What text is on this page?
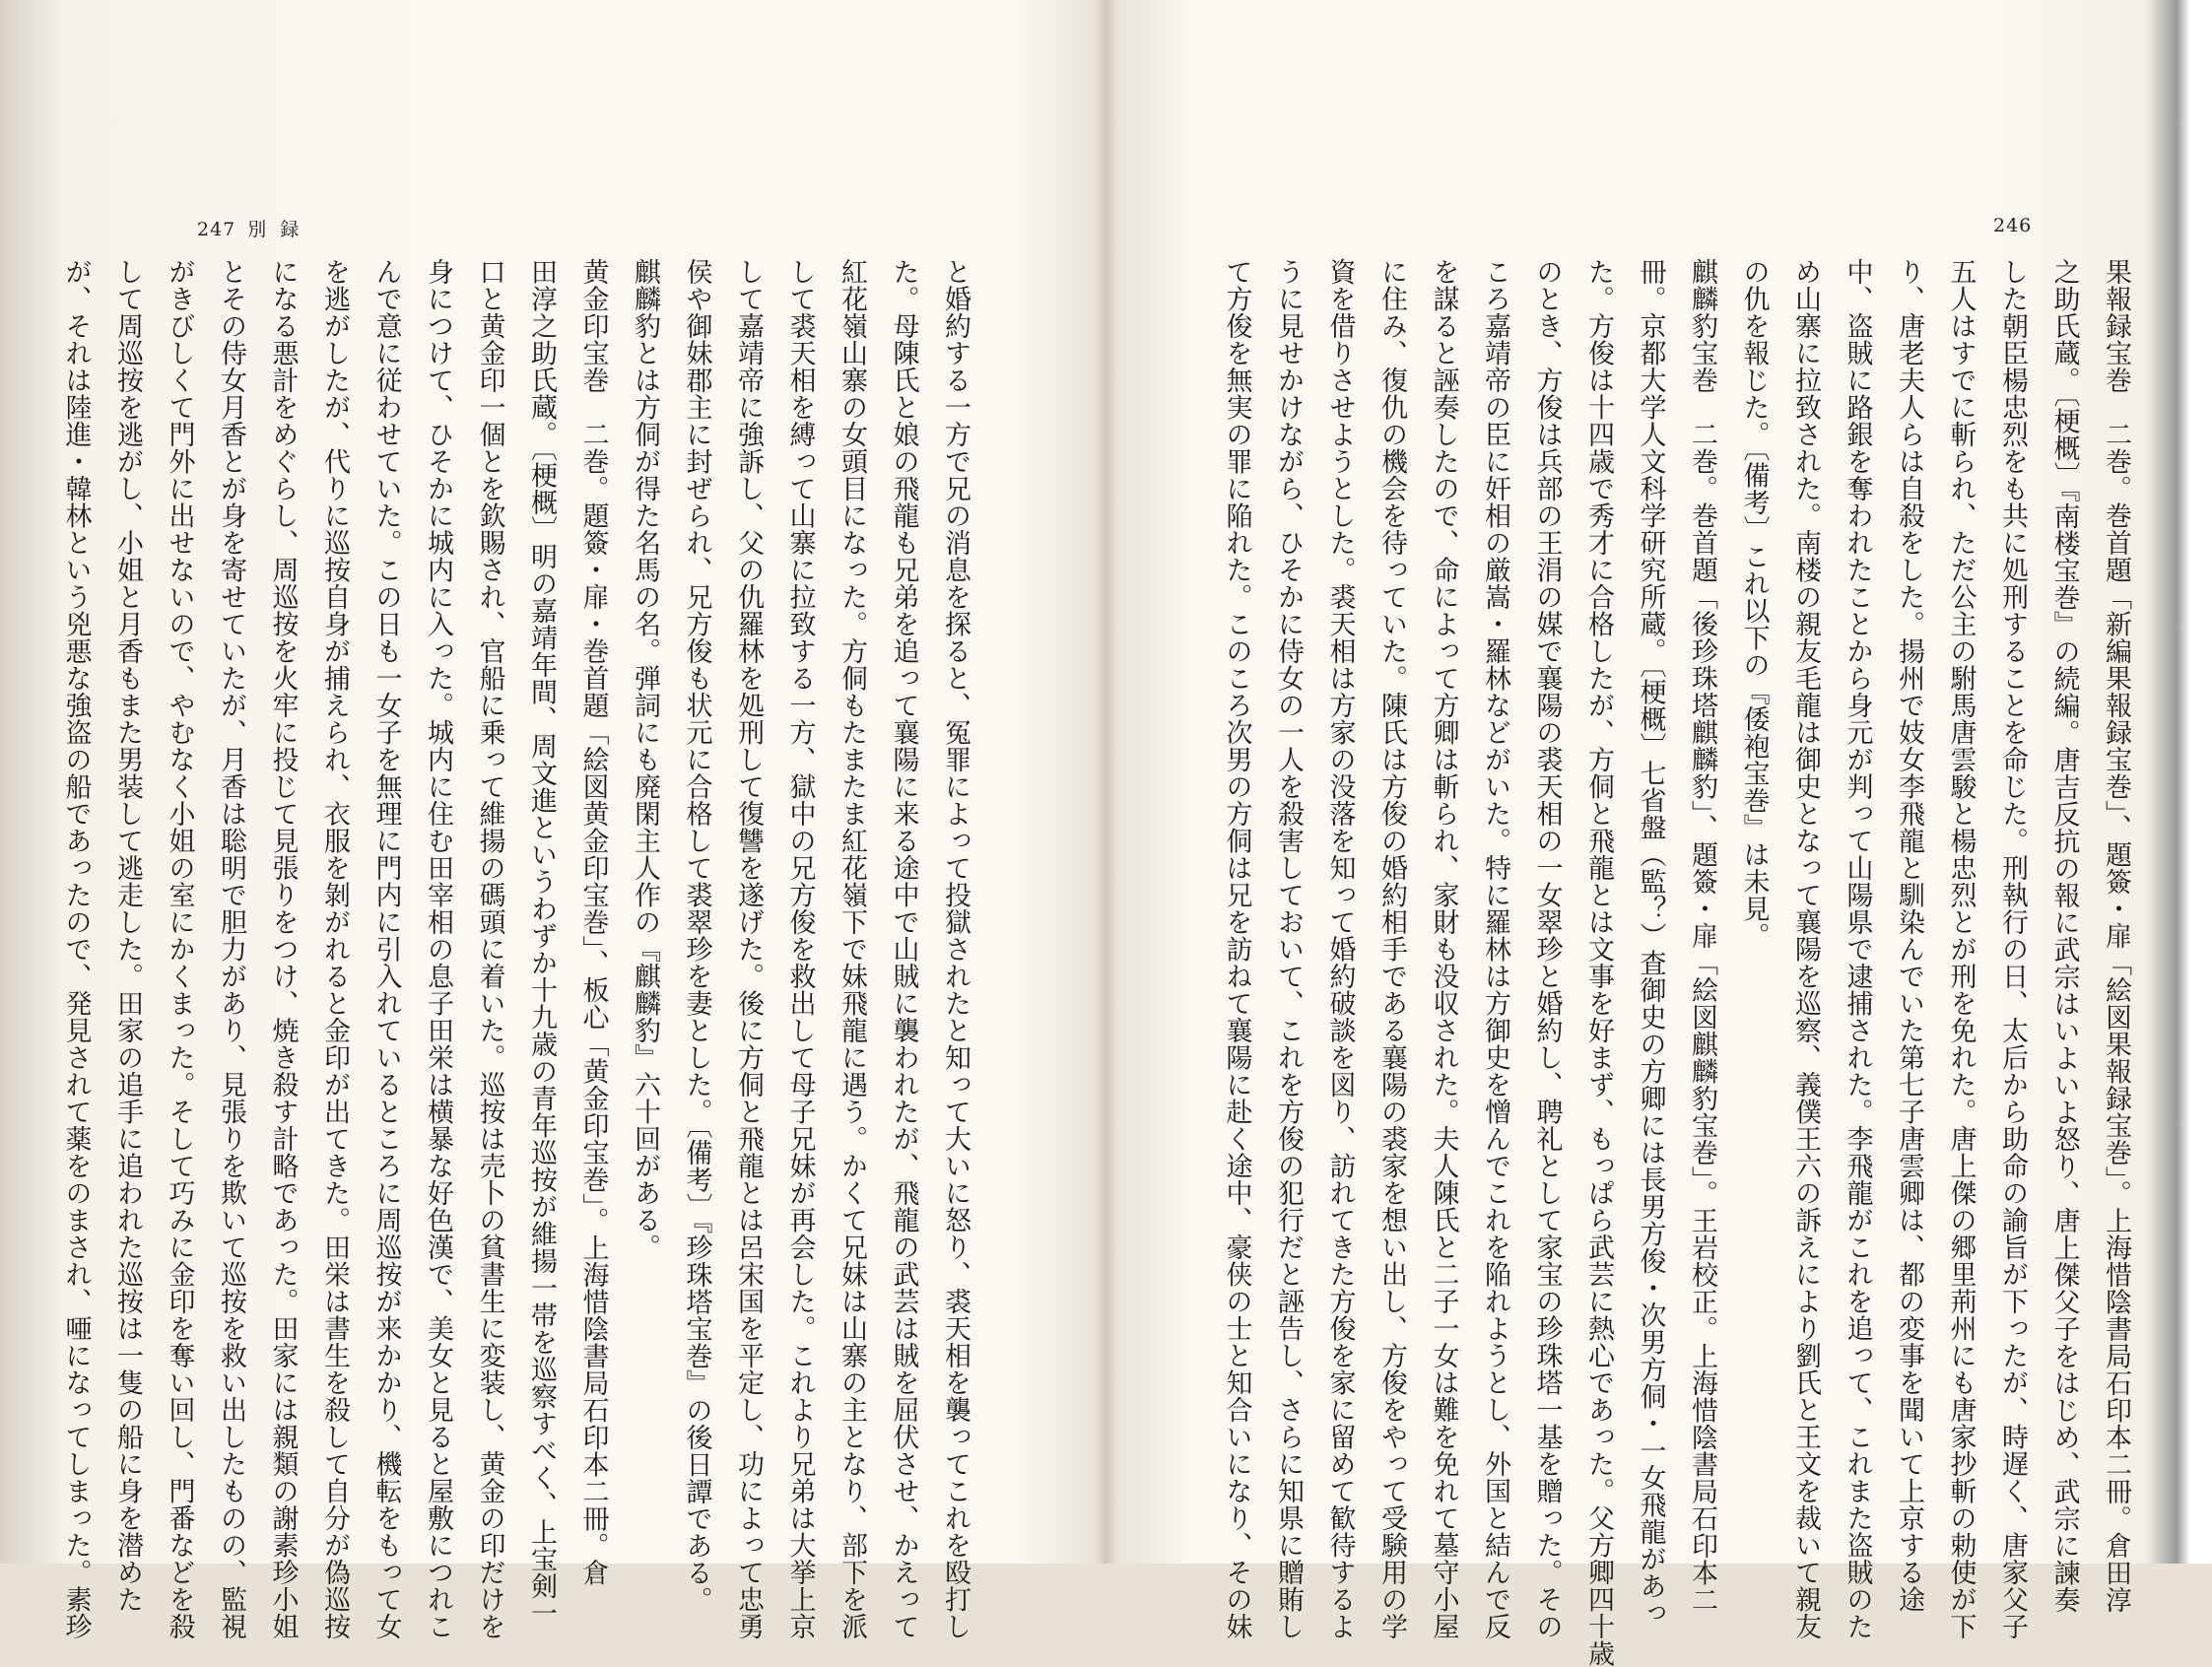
247 別録
と婚約する一方で兄の消息を探ると、冤罪によって投獄されたと知って大いに怒り、裘天相を襲ってこれを殴打し
た。母陳氏と娘の飛龍も兄弟を追って襄陽に来る途中で山賊に襲われたが、飛龍の武芸は賊を屈伏させ、かえって
紅花嶺山寨の女頭目になった。方侗もたまたま紅花嶺下で妹飛龍に遇う。かくて兄妹は山寨の主となり、部下を派
して裘天相を縛って山寨に拉致する一方、獄中の兄方俊を救出して母子兄妹が再会した。これより兄弟は大挙上京
して嘉靖帝に強訴し、父の仇羅林を処刑して復讐を遂げた。後に方侗と飛龍とは呂宋国を平定し、功によって忠勇
侯や御妹郡主に封ぜられ、兄方俊も状元に合格して裘翠珍を妻とした。〔備考〕『珍珠塔宝巻』の後日譚である。
麒麟豹とは方侗が得た名馬の名。弾詞にも廃閑主人作の『麒麟豹』六十回がある。
黄金印宝巻　二巻。題簽・扉・巻首題「絵図黄金印宝巻」、板心「黄金印宝巻」。上海惜陰書局石印本二冊。倉
田淳之助氏蔵。〔梗概〕明の嘉靖年間、周文進というわずか十九歳の青年巡按が維揚一帯を巡察すべく、上宝剣一
口と黄金印一個とを欽賜され、官船に乗って維揚の碼頭に着いた。巡按は売卜の貧書生に変装し、黄金の印だけを
身につけて、ひそかに城内に入った。城内に住む田宰相の息子田栄は横暴な好色漢で、美女と見ると屋敷につれこ
んで意に従わせていた。この日も一女子を無理に門内に引入れているところに周巡按が来かかり、機転をもって女
を逃がしたが、代りに巡按自身が捕えられ、衣服を剝がれると金印が出てきた。田栄は書生を殺して自分が偽巡按
になる悪計をめぐらし、周巡按を火牢に投じて見張りをつけ、焼き殺す計略であった。田家には親類の謝素珍小姐
とその侍女月香とが身を寄せていたが、月香は聡明で胆力があり、見張りを欺いて巡按を救い出したものの、監視
がきびしくて門外に出せないので、やむなく小姐の室にかくまった。そして巧みに金印を奪い回し、門番などを殺
して周巡按を逃がし、小姐と月香もまた男装して逃走した。田家の追手に追われた巡按は一隻の船に身を潜めた
が、それは陸進・韓林という兇悪な強盗の船であったので、発見されて薬をのまされ、唖になってしまった。素珍
246
果報録宝巻　二巻。巻首題「新編果報録宝巻」、題簽・扉「絵図果報録宝巻」。上海惜陰書局石印本二冊。倉田淳
之助氏蔵。〔梗概〕『南楼宝巻』の続編。唐吉反抗の報に武宗はいよいよ怒り、唐上傑父子をはじめ、武宗に諫奏
した朝臣楊忠烈をも共に処刑することを命じた。刑執行の日、太后から助命の諭旨が下ったが、時遅く、唐家父子
五人はすでに斬られ、ただ公主の駙馬唐雲駿と楊忠烈とが刑を免れた。唐上傑の郷里荊州にも唐家抄斬の勅使が下
り、唐老夫人らは自殺をした。揚州で妓女李飛龍と馴染んでいた第七子唐雲卿は、都の変事を聞いて上京する途
中、盗賊に路銀を奪われたことから身元が判って山陽県で逮捕された。李飛龍がこれを追って、これまた盗賊のた
め山寨に拉致された。南楼の親友毛龍は御史となって襄陽を巡察、義僕王六の訴えにより劉氏と王文を裁いて親友
の仇を報じた。〔備考〕これ以下の『倭袍宝巻』は未見。
麒麟豹宝巻　二巻。巻首題「後珍珠塔麒麟豹」、題簽・扉「絵図麒麟豹宝巻」。王岩校正。上海惜陰書局石印本二
冊。京都大学人文科学研究所蔵。〔梗概〕七省盤（監？）査御史の方卿には長男方俊・次男方侗・一女飛龍があっ
た。方俊は十四歳で秀才に合格したが、方侗と飛龍とは文事を好まず、もっぱら武芸に熱心であった。父方卿四十歳
のとき、方俊は兵部の王涓の媒で襄陽の裘天相の一女翠珍と婚約し、聘礼として家宝の珍珠塔一基を贈った。その
ころ嘉靖帝の臣に奸相の厳嵩・羅林などがいた。特に羅林は方御史を憎んでこれを陥れようとし、外国と結んで反
を謀ると誣奏したので、命によって方卿は斬られ、家財も没収された。夫人陳氏と二子一女は難を免れて墓守小屋
に住み、復仇の機会を待っていた。陳氏は方俊の婚約相手である襄陽の裘家を想い出し、方俊をやって受験用の学
資を借りさせようとした。裘天相は方家の没落を知って婚約破談を図り、訪れてきた方俊を家に留めて歓待するよ
うに見せかけながら、ひそかに侍女の一人を殺害しておいて、これを方俊の犯行だと誣告し、さらに知県に贈賄し
て方俊を無実の罪に陥れた。このころ次男の方侗は兄を訪ねて襄陽に赴く途中、豪侠の士と知合いになり、その妹
